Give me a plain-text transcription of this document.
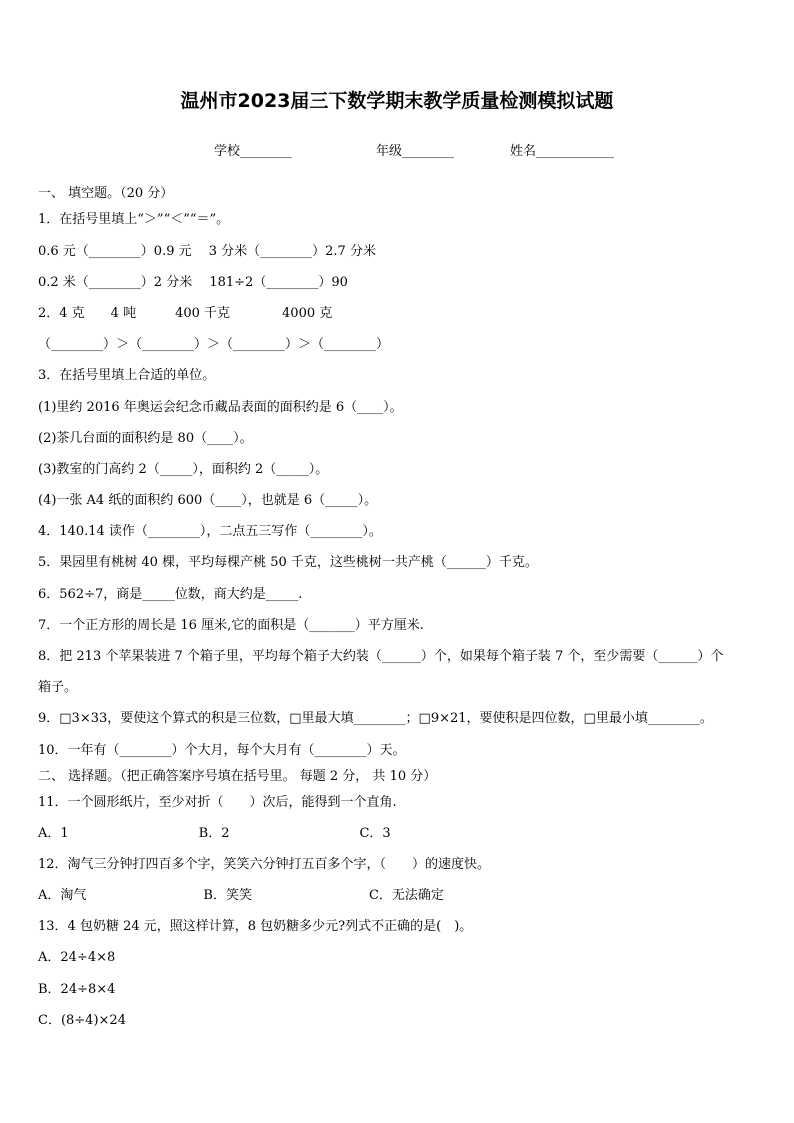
温州市2023届三下数学期末教学质量检测模拟试题
学校________	年级________	姓名____________
一、 填空题。（20 分）
1．在括号里填上“＞”“＜”“＝”。
0.6 元（________）0.9 元　 3 分米（________）2.7 分米
0.2 米（________）2 分米　 181÷2（________）90
2．4 克　　4 吨　　　400 千克　　　　4000 克
（________）＞（________）＞（________）＞（________）
3．在括号里填上合适的单位。
(1)里约 2016 年奥运会纪念币藏品表面的面积约是 6（____）。
(2)茶几台面的面积约是 80（____）。
(3)教室的门高约 2（_____），面积约 2（_____）。
(4)一张 A4 纸的面积约 600（____），也就是 6（_____）。
4．140.14 读作（________），二点五三写作（________）。
5．果园里有桃树 40 棵，平均每棵产桃 50 千克，这些桃树一共产桃（______）千克。
6．562÷7，商是_____位数，商大约是_____.
7．一个正方形的周长是 16 厘米,它的面积是（_______）平方厘米.
8．把 213 个苹果装进 7 个箱子里，平均每个箱子大约装（______）个，如果每个箱子装 7 个，至少需要（______）个
箱子。
9．□3×33，要使这个算式的积是三位数，□里最大填________；□9×21，要使积是四位数，□里最小填________。
10．一年有（________）个大月，每个大月有（________）天。
二、 选择题。（把正确答案序号填在括号里。 每题 2 分， 共 10 分）
11．一个圆形纸片，至少对折（　　）次后，能得到一个直角.
A．1　　　　　　　　　　B．2　　　　　　　　　　C．3
12．淘气三分钟打四百多个字，笑笑六分钟打五百多个字，（　　）的速度快。
A．淘气　　　　　　　　　B．笑笑　　　　　　　　　C．无法确定
13．4 包奶糖 24 元，照这样计算，8 包奶糖多少元?列式不正确的是(　)。
A．24÷4×8
B．24÷8×4
C．(8÷4)×24
